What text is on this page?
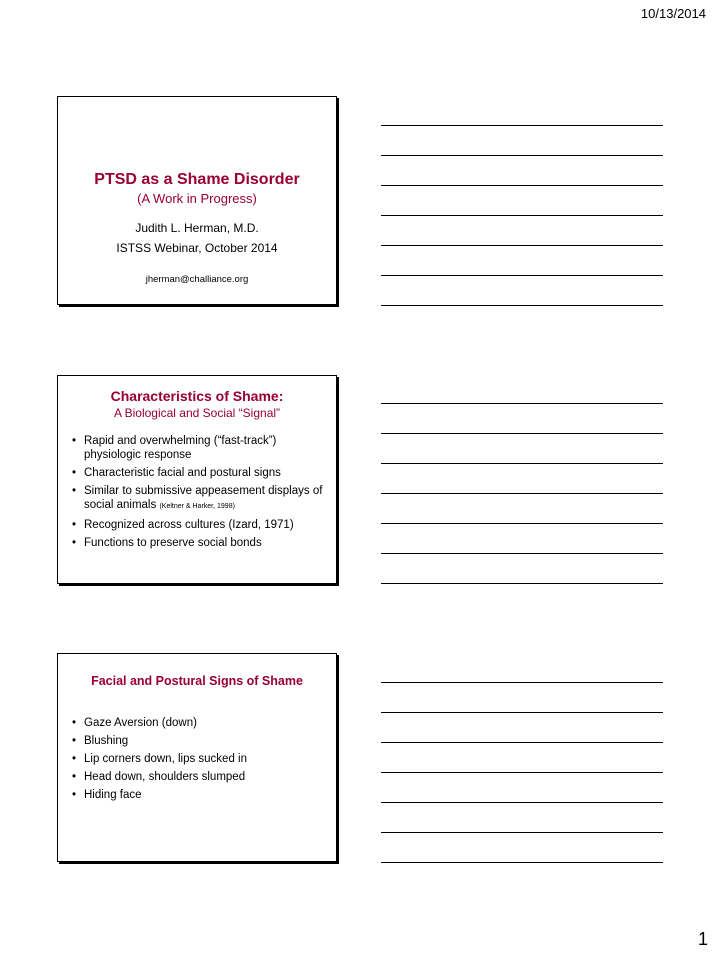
10/13/2014
PTSD as a Shame Disorder
(A Work in Progress)
Judith L. Herman, M.D.
ISTSS Webinar, October 2014
jherman@challiance.org
Characteristics of Shame:
A Biological and Social “Signal”
• Rapid and overwhelming (“fast-track”) physiologic response
• Characteristic facial and postural signs
• Similar to submissive appeasement displays of social animals (Keltner & Harker, 1998)
• Recognized across cultures (Izard, 1971)
• Functions to preserve social bonds
Facial and Postural Signs of Shame
• Gaze Aversion (down)
• Blushing
• Lip corners down, lips sucked in
• Head down, shoulders slumped
• Hiding face
1
